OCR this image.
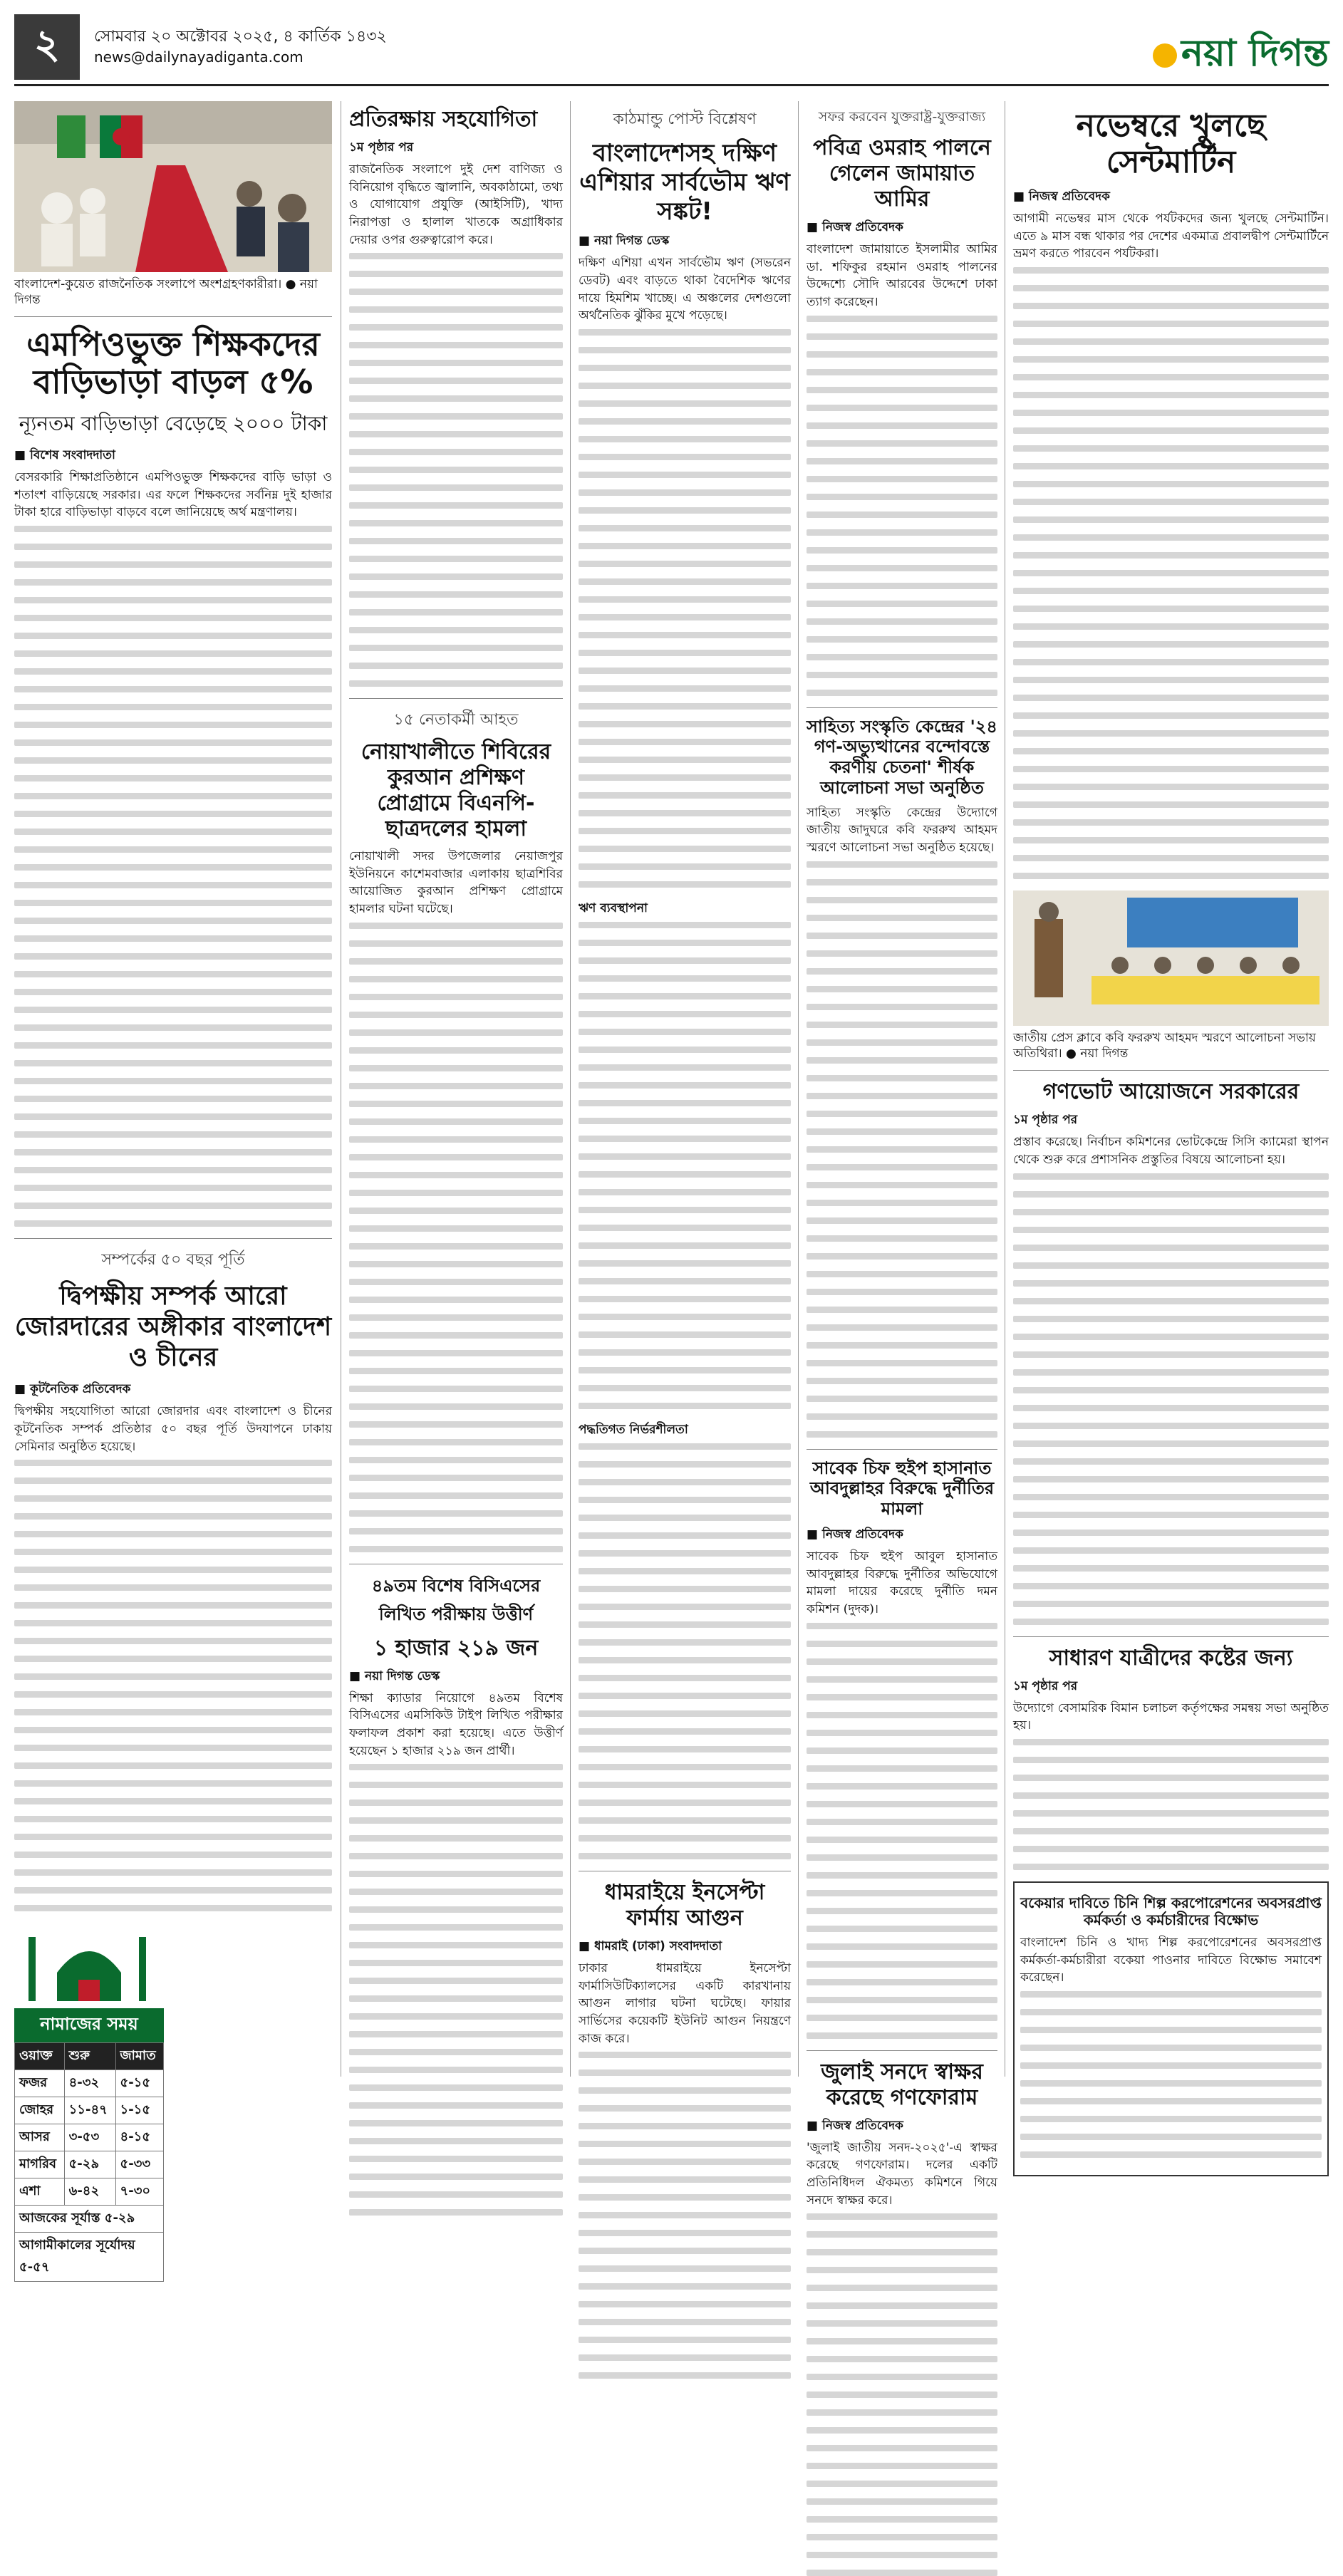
২	সোমবার ২০ অক্টোবর ২০২৫, ৪ কার্তিক ১৪৩২
news@dailynayadiganta.com	নয়া দিগন্ত
বাংলাদেশ-কুয়েত রাজনৈতিক সংলাপে অংশগ্রহণকারীরা। ● নয়া দিগন্ত
এমপিওভুক্ত শিক্ষকদের বাড়িভাড়া বাড়ল ৫%
ন্যূনতম বাড়িভাড়া বেড়েছে ২০০০ টাকা
■ বিশেষ সংবাদদাতা
বেসরকারি শিক্ষাপ্রতিষ্ঠানে এমপিওভুক্ত শিক্ষকদের বাড়ি ভাড়া ও শতাংশ বাড়িয়েছে সরকার। এর ফলে শিক্ষকদের সর্বনিম্ন দুই হাজার টাকা হারে বাড়িভাড়া বাড়বে বলে জানিয়েছে অর্থ মন্ত্রণালয়।
সম্পর্কের ৫০ বছর পূর্তি
দ্বিপক্ষীয় সম্পর্ক আরো জোরদারের অঙ্গীকার বাংলাদেশ ও চীনের
■ কূটনৈতিক প্রতিবেদক
দ্বিপক্ষীয় সহযোগিতা আরো জোরদার এবং বাংলাদেশ ও চীনের কূটনৈতিক সম্পর্ক প্রতিষ্ঠার ৫০ বছর পূর্তি উদযাপনে ঢাকায় সেমিনার অনুষ্ঠিত হয়েছে।
নামাজের সময়
ওয়াক্ত	শুরু	জামাত
ফজর	৪-৩২	৫-১৫
জোহর	১১-৪৭	১-১৫
আসর	৩-৫৩	৪-১৫
মাগরিব	৫-২৯	৫-৩৩
এশা	৬-৪২	৭-৩০
আজকের সূর্যাস্ত ৫-২৯		
আগামীকালের সূর্যোদয় ৫-৫৭		
প্রতিরক্ষায় সহযোগিতা
১ম পৃষ্ঠার পর
রাজনৈতিক সংলাপে দুই দেশ বাণিজ্য ও বিনিয়োগ বৃদ্ধিতে জ্বালানি, অবকাঠামো, তথ্য ও যোগাযোগ প্রযুক্তি (আইসিটি), খাদ্য নিরাপত্তা ও হালাল খাতকে অগ্রাধিকার দেয়ার ওপর গুরুত্বারোপ করে।
১৫ নেতাকর্মী আহত
নোয়াখালীতে শিবিরের কুরআন প্রশিক্ষণ প্রোগ্রামে বিএনপি-ছাত্রদলের হামলা
নোয়াখালী সদর উপজেলার নেয়াজপুর ইউনিয়নে কাশেমবাজার এলাকায় ছাত্রশিবির আয়োজিত কুরআন প্রশিক্ষণ প্রোগ্রামে হামলার ঘটনা ঘটেছে।
৪৯তম বিশেষ বিসিএসের লিখিত পরীক্ষায় উত্তীর্ণ
১ হাজার ২১৯ জন
■ নয়া দিগন্ত ডেস্ক
শিক্ষা ক্যাডার নিয়োগে ৪৯তম বিশেষ বিসিএসের এমসিকিউ টাইপ লিখিত পরীক্ষার ফলাফল প্রকাশ করা হয়েছে। এতে উত্তীর্ণ হয়েছেন ১ হাজার ২১৯ জন প্রার্থী।
কাঠমান্ডু পোস্ট বিশ্লেষণ
বাংলাদেশসহ দক্ষিণ এশিয়ার সার্বভৌম ঋণ সঙ্কট!
■ নয়া দিগন্ত ডেস্ক
দক্ষিণ এশিয়া এখন সার্বভৌম ঋণ (সভরেন ডেবট) এবং বাড়তে থাকা বৈদেশিক ঋণের দায়ে হিমশিম খাচ্ছে। এ অঞ্চলের দেশগুলো অর্থনৈতিক ঝুঁকির মুখে পড়েছে।
ঋণ ব্যবস্থাপনা
পদ্ধতিগত নির্ভরশীলতা
ধামরাইয়ে ইনসেপ্টা ফার্মায় আগুন
■ ধামরাই (ঢাকা) সংবাদদাতা
ঢাকার ধামরাইয়ে ইনসেপ্টা ফার্মাসিউটিক্যালসের একটি কারখানায় আগুন লাগার ঘটনা ঘটেছে। ফায়ার সার্ভিসের কয়েকটি ইউনিট আগুন নিয়ন্ত্রণে কাজ করে।
সফর করবেন যুক্তরাষ্ট্র-যুক্তরাজ্য
পবিত্র ওমরাহ পালনে গেলেন জামায়াত আমির
■ নিজস্ব প্রতিবেদক
বাংলাদেশ জামায়াতে ইসলামীর আমির ডা. শফিকুর রহমান ওমরাহ পালনের উদ্দেশ্যে সৌদি আরবের উদ্দেশে ঢাকা ত্যাগ করেছেন।
সাহিত্য সংস্কৃতি কেন্দ্রের '২৪ গণ-অভ্যুত্থানের বন্দোবস্তে করণীয় চেতনা' শীর্ষক আলোচনা সভা অনুষ্ঠিত
সাহিত্য সংস্কৃতি কেন্দ্রের উদ্যোগে জাতীয় জাদুঘরে কবি ফররুখ আহমদ স্মরণে আলোচনা সভা অনুষ্ঠিত হয়েছে।
সাবেক চিফ হুইপ হাসানাত আবদুল্লাহর বিরুদ্ধে দুর্নীতির মামলা
■ নিজস্ব প্রতিবেদক
সাবেক চিফ হুইপ আবুল হাসানাত আবদুল্লাহর বিরুদ্ধে দুর্নীতির অভিযোগে মামলা দায়ের করেছে দুর্নীতি দমন কমিশন (দুদক)।
জুলাই সনদে স্বাক্ষর করেছে গণফোরাম
■ নিজস্ব প্রতিবেদক
'জুলাই জাতীয় সনদ-২০২৫'-এ স্বাক্ষর করেছে গণফোরাম। দলের একটি প্রতিনিধিদল ঐকমত্য কমিশনে গিয়ে সনদে স্বাক্ষর করে।
নভেম্বরে খুলছে সেন্টমার্টিন
■ নিজস্ব প্রতিবেদক
আগামী নভেম্বর মাস থেকে পর্যটকদের জন্য খুলছে সেন্টমার্টিন। এতে ৯ মাস বন্ধ থাকার পর দেশের একমাত্র প্রবালদ্বীপ সেন্টমার্টিনে ভ্রমণ করতে পারবেন পর্যটকরা।
জাতীয় প্রেস ক্লাবে কবি ফররুখ আহমদ স্মরণে আলোচনা সভায় অতিথিরা। ● নয়া দিগন্ত
গণভোট আয়োজনে সরকারের
১ম পৃষ্ঠার পর
প্রস্তাব করেছে। নির্বাচন কমিশনের ভোটকেন্দ্রে সিসি ক্যামেরা স্থাপন থেকে শুরু করে প্রশাসনিক প্রস্তুতির বিষয়ে আলোচনা হয়।
সাধারণ যাত্রীদের কষ্টের জন্য
১ম পৃষ্ঠার পর
উদ্যোগে বেসামরিক বিমান চলাচল কর্তৃপক্ষের সমন্বয় সভা অনুষ্ঠিত হয়।
বকেয়ার দাবিতে চিনি শিল্প করপোরেশনের অবসরপ্রাপ্ত কর্মকর্তা ও কর্মচারীদের বিক্ষোভ
বাংলাদেশ চিনি ও খাদ্য শিল্প করপোরেশনের অবসরপ্রাপ্ত কর্মকর্তা-কর্মচারীরা বকেয়া পাওনার দাবিতে বিক্ষোভ সমাবেশ করেছেন।
